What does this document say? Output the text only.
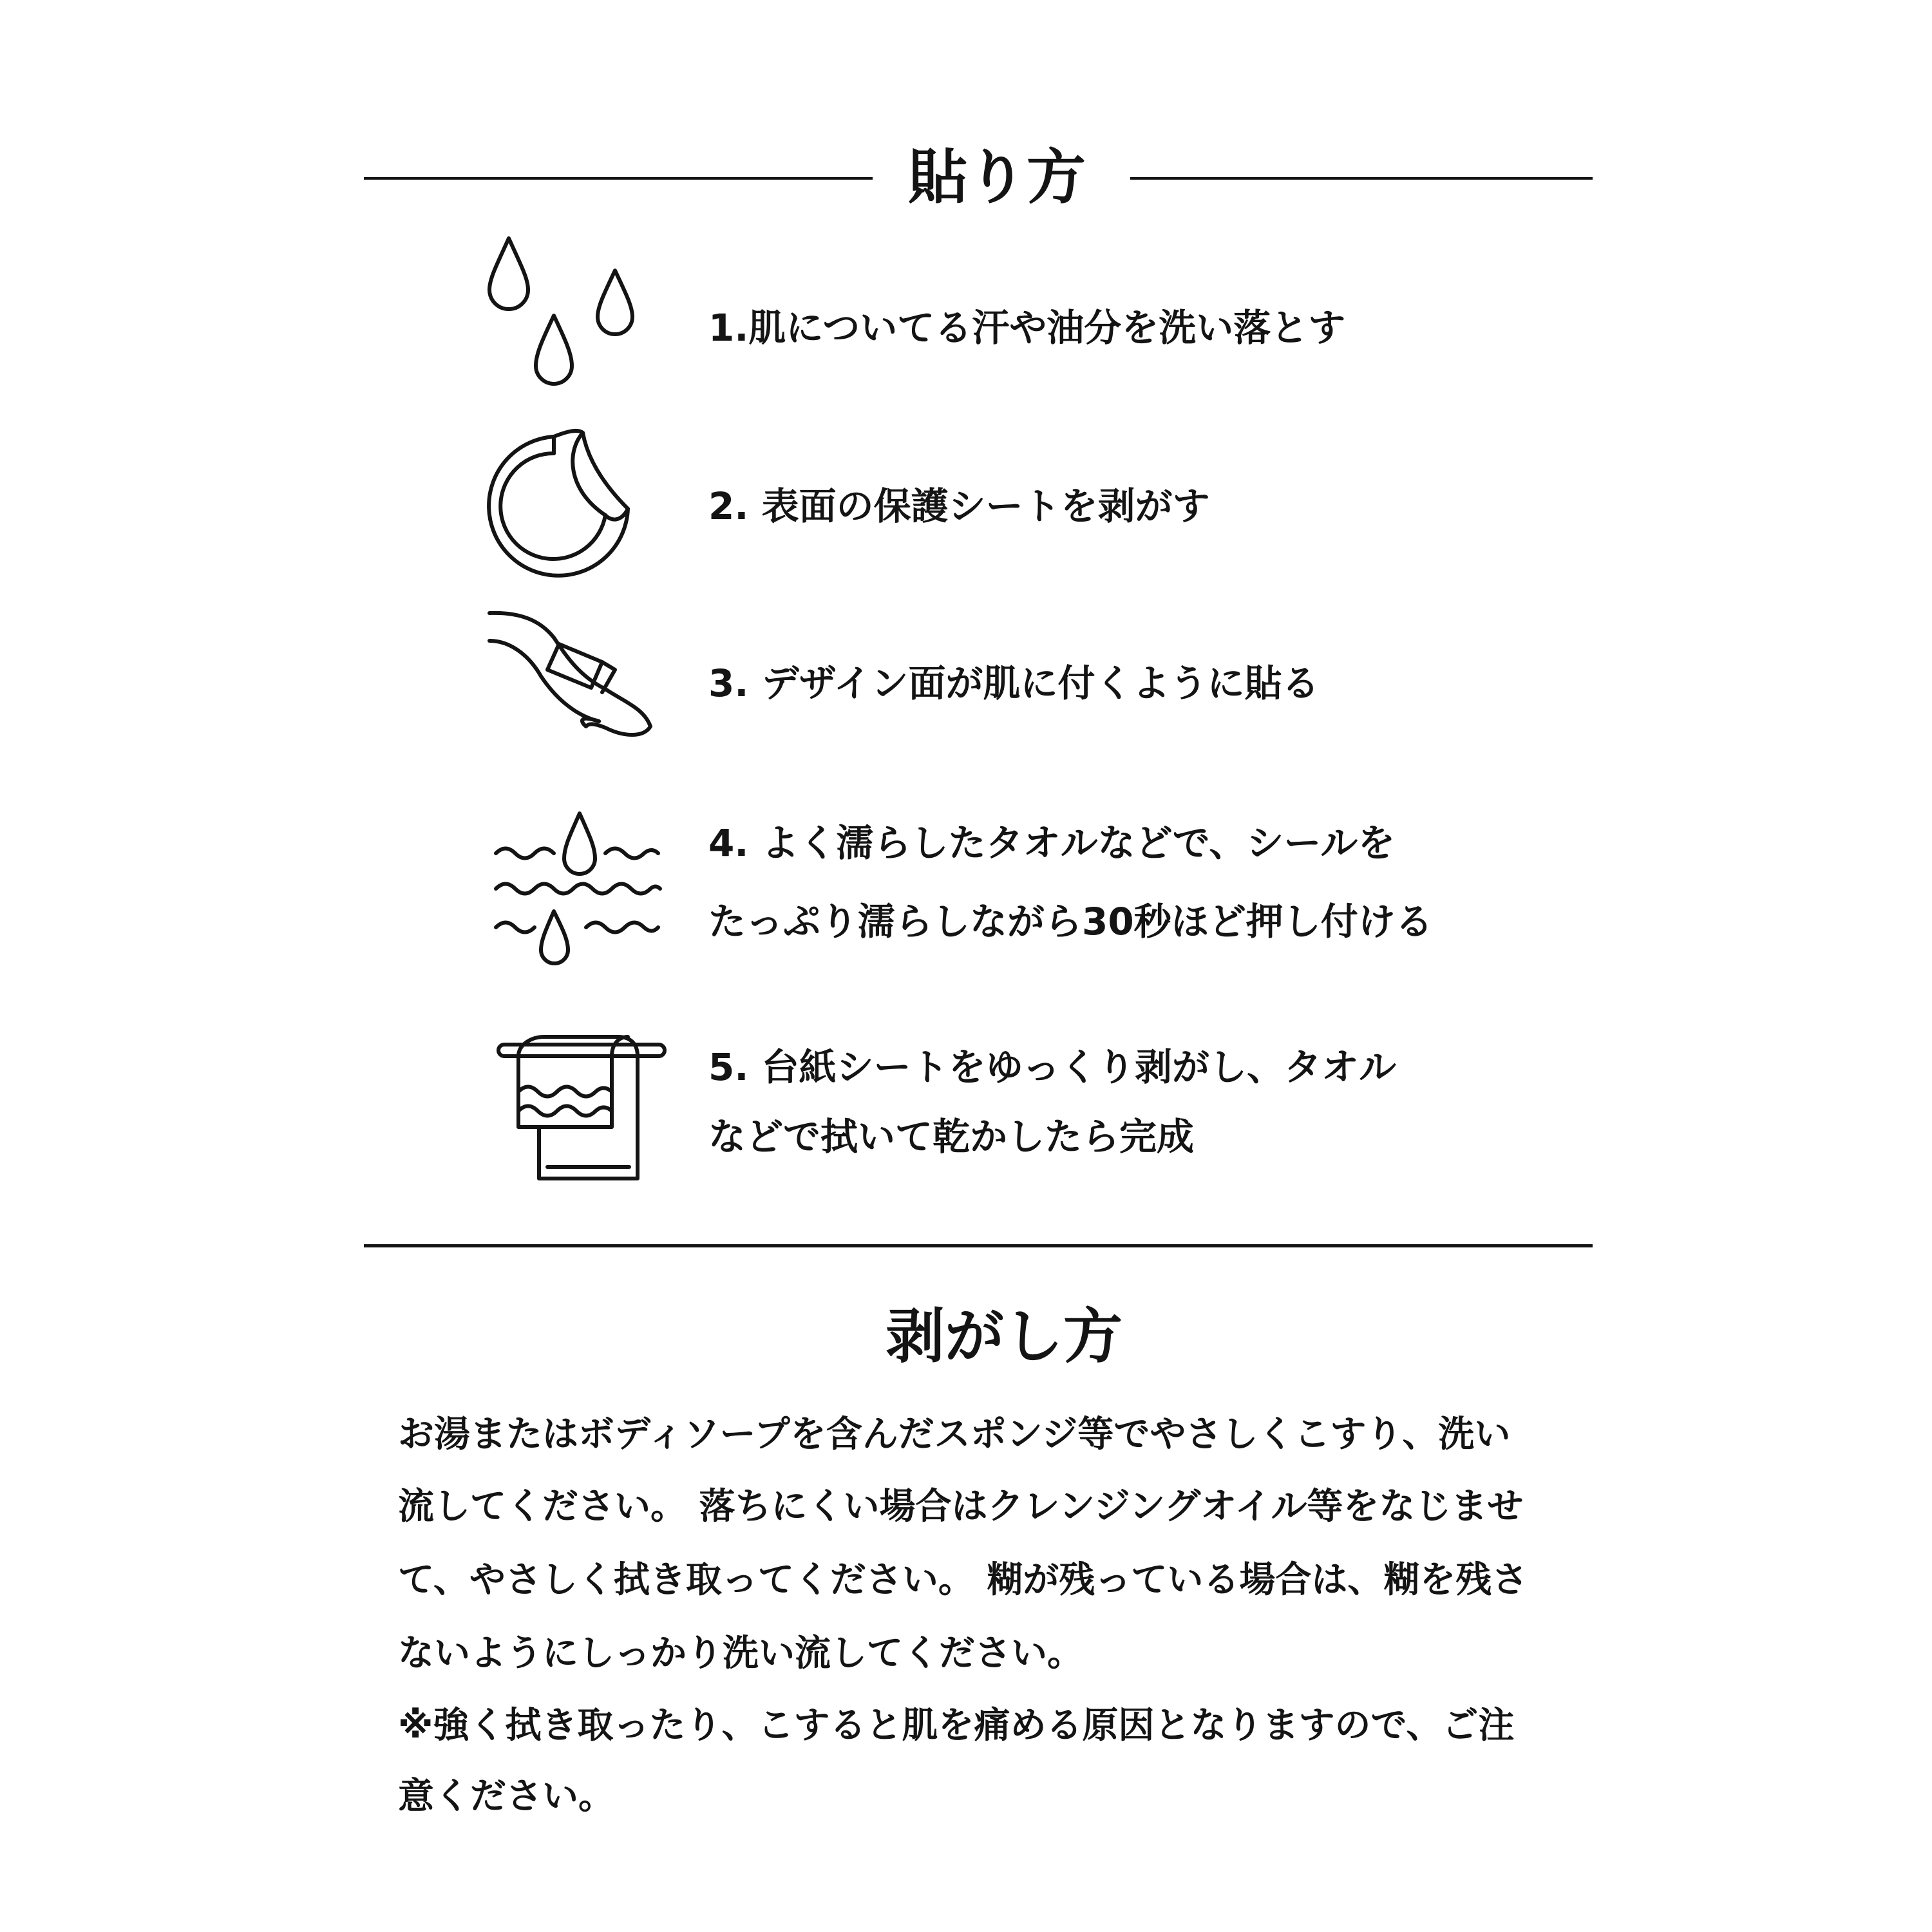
貼り方
1.肌についてる汗や油分を洗い落とす
2. 表面の保護シートを剥がす
3. デザイン面が肌に付くように貼る
4. よく濡らしたタオルなどで、シールを
たっぷり濡らしながら30秒ほど押し付ける
5. 台紙シートをゆっくり剥がし、タオル
などで拭いて乾かしたら完成
剥がし方
お湯またはボディソープを含んだスポンジ等でやさしくこすり、洗い
流してください。 落ちにくい場合はクレンジングオイル等をなじませ
て、やさしく拭き取ってください。 糊が残っている場合は、糊を残さ
ないようにしっかり洗い流してください。
※強く拭き取ったり、こすると肌を痛める原因となりますので、ご注
意ください。
